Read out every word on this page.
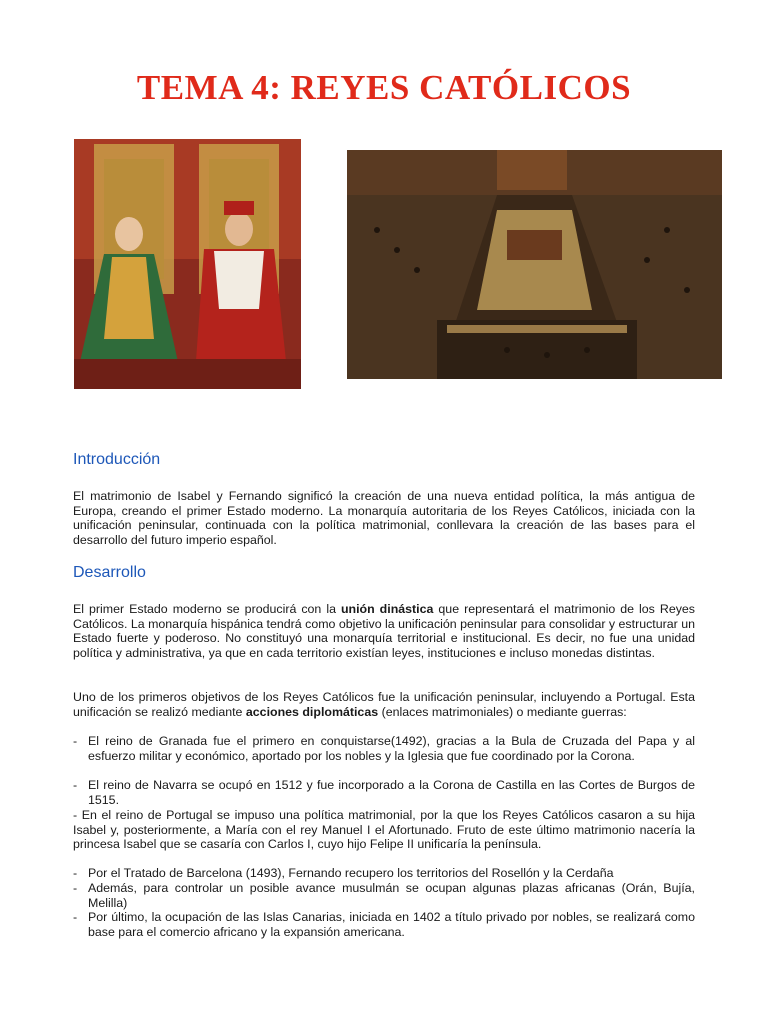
TEMA 4: REYES CATÓLICOS
Introducción
El matrimonio de Isabel y Fernando significó la creación de una nueva entidad política, la más antigua de Europa, creando el primer Estado moderno. La monarquía autoritaria de los Reyes Católicos, iniciada con la unificación peninsular, continuada con la política matrimonial, conllevara la creación de las bases para el desarrollo del futuro imperio español.
Desarrollo
El primer Estado moderno se producirá con la unión dinástica que representará el matrimonio de los Reyes Católicos. La monarquía hispánica tendrá como objetivo la unificación peninsular para consolidar y estructurar un Estado fuerte y poderoso. No constituyó una monarquía territorial e institucional. Es decir, no fue una unidad política y administrativa, ya que en cada territorio existían leyes, instituciones e incluso monedas distintas.
Uno de los primeros objetivos de los Reyes Católicos fue la unificación peninsular, incluyendo a Portugal. Esta unificación se realizó mediante acciones diplomáticas (enlaces matrimoniales) o mediante guerras:
- El reino de Granada fue el primero en conquistarse(1492), gracias a la Bula de Cruzada del Papa y al esfuerzo militar y económico, aportado por los nobles y la Iglesia que fue coordinado por la Corona.
- El reino de Navarra se ocupó en 1512 y fue incorporado a la Corona de Castilla en las Cortes de Burgos de 1515.
- En el reino de Portugal se impuso una política matrimonial, por la que los Reyes Católicos casaron a su hija Isabel y, posteriormente, a María con el rey Manuel I el Afortunado. Fruto de este último matrimonio nacería la princesa Isabel que se casaría con Carlos I, cuyo hijo Felipe II unificaría la península.
- Por el Tratado de Barcelona (1493), Fernando recupero los territorios del Rosellón y la Cerdaña
- Además, para controlar un posible avance musulmán se ocupan algunas plazas africanas (Orán, Bujía, Melilla)
- Por último, la ocupación de las Islas Canarias, iniciada en 1402 a título privado por nobles, se realizará como base para el comercio africano y la expansión americana.
